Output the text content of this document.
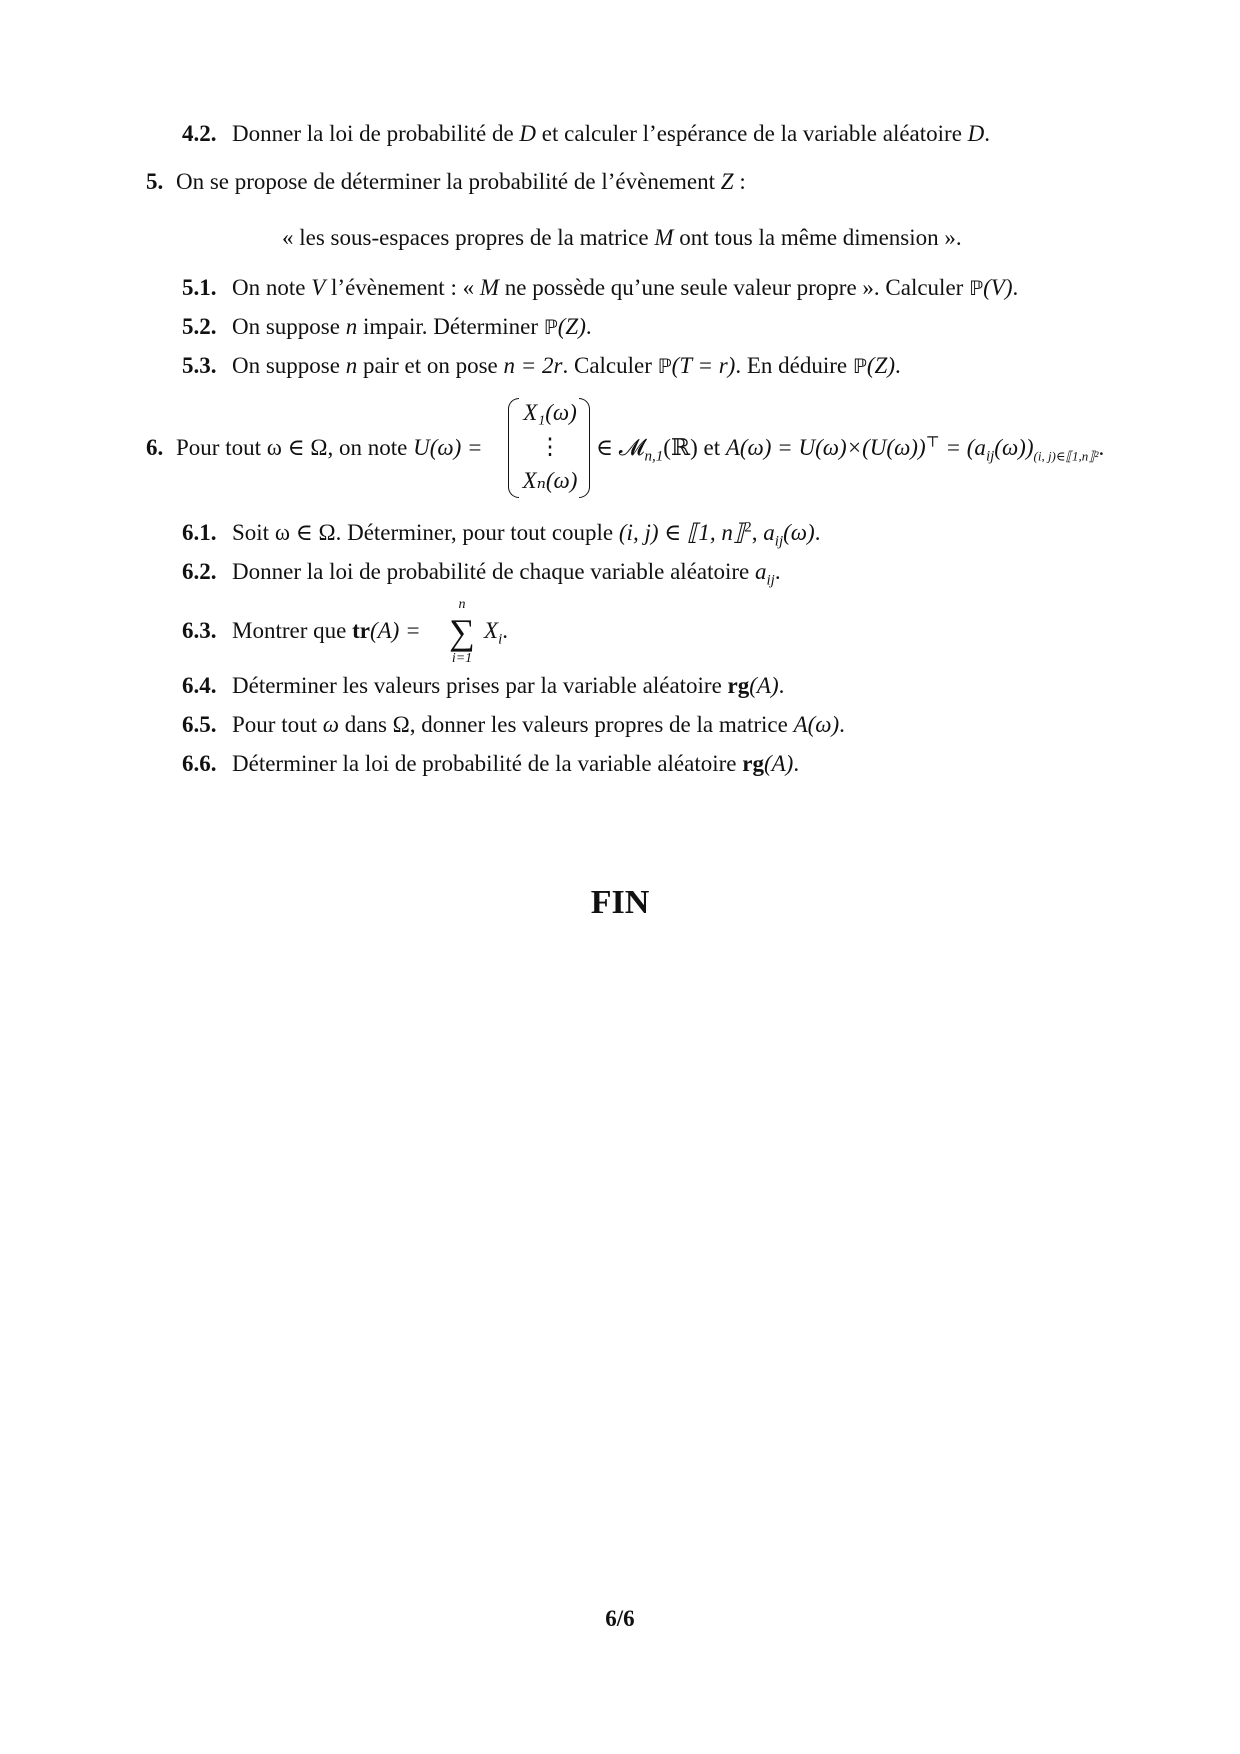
4.2. Donner la loi de probabilité de D et calculer l’espérance de la variable aléatoire D.
5. On se propose de déterminer la probabilité de l’évènement Z :
« les sous-espaces propres de la matrice M ont tous la même dimension ».
5.1. On note V l’évènement : « M ne possède qu’une seule valeur propre ». Calculer ℙ(V).
5.2. On suppose n impair. Déterminer ℙ(Z).
5.3. On suppose n pair et on pose n = 2r. Calculer ℙ(T = r). En déduire ℙ(Z).
6. Pour tout ω ∈ Ω, on note U(ω) =
X₁(ω)
⋮
Xₙ(ω)
∈ 𝓜$_{n,1}$(ℝ) et $A(\omega) = U(\omega)\times(U(\omega))^⊤ = (a_{ij}(\omega))_{(i, j)\in⟦1,n⟧^2}$.
6.1. Soit ω ∈ Ω. Déterminer, pour tout couple (i, j) ∈ ⟦1, n⟧$^2$, $a_{ij}(\omega)$.
6.2. Donner la loi de probabilité de chaque variable aléatoire $a_{ij}$.
6.3. Montrer que tr(A) =
n
∑
i=1
$X_i$.
6.4. Déterminer les valeurs prises par la variable aléatoire rg(A).
6.5. Pour tout ω dans Ω, donner les valeurs propres de la matrice A(ω).
6.6. Déterminer la loi de probabilité de la variable aléatoire rg(A).
FIN
6/6
